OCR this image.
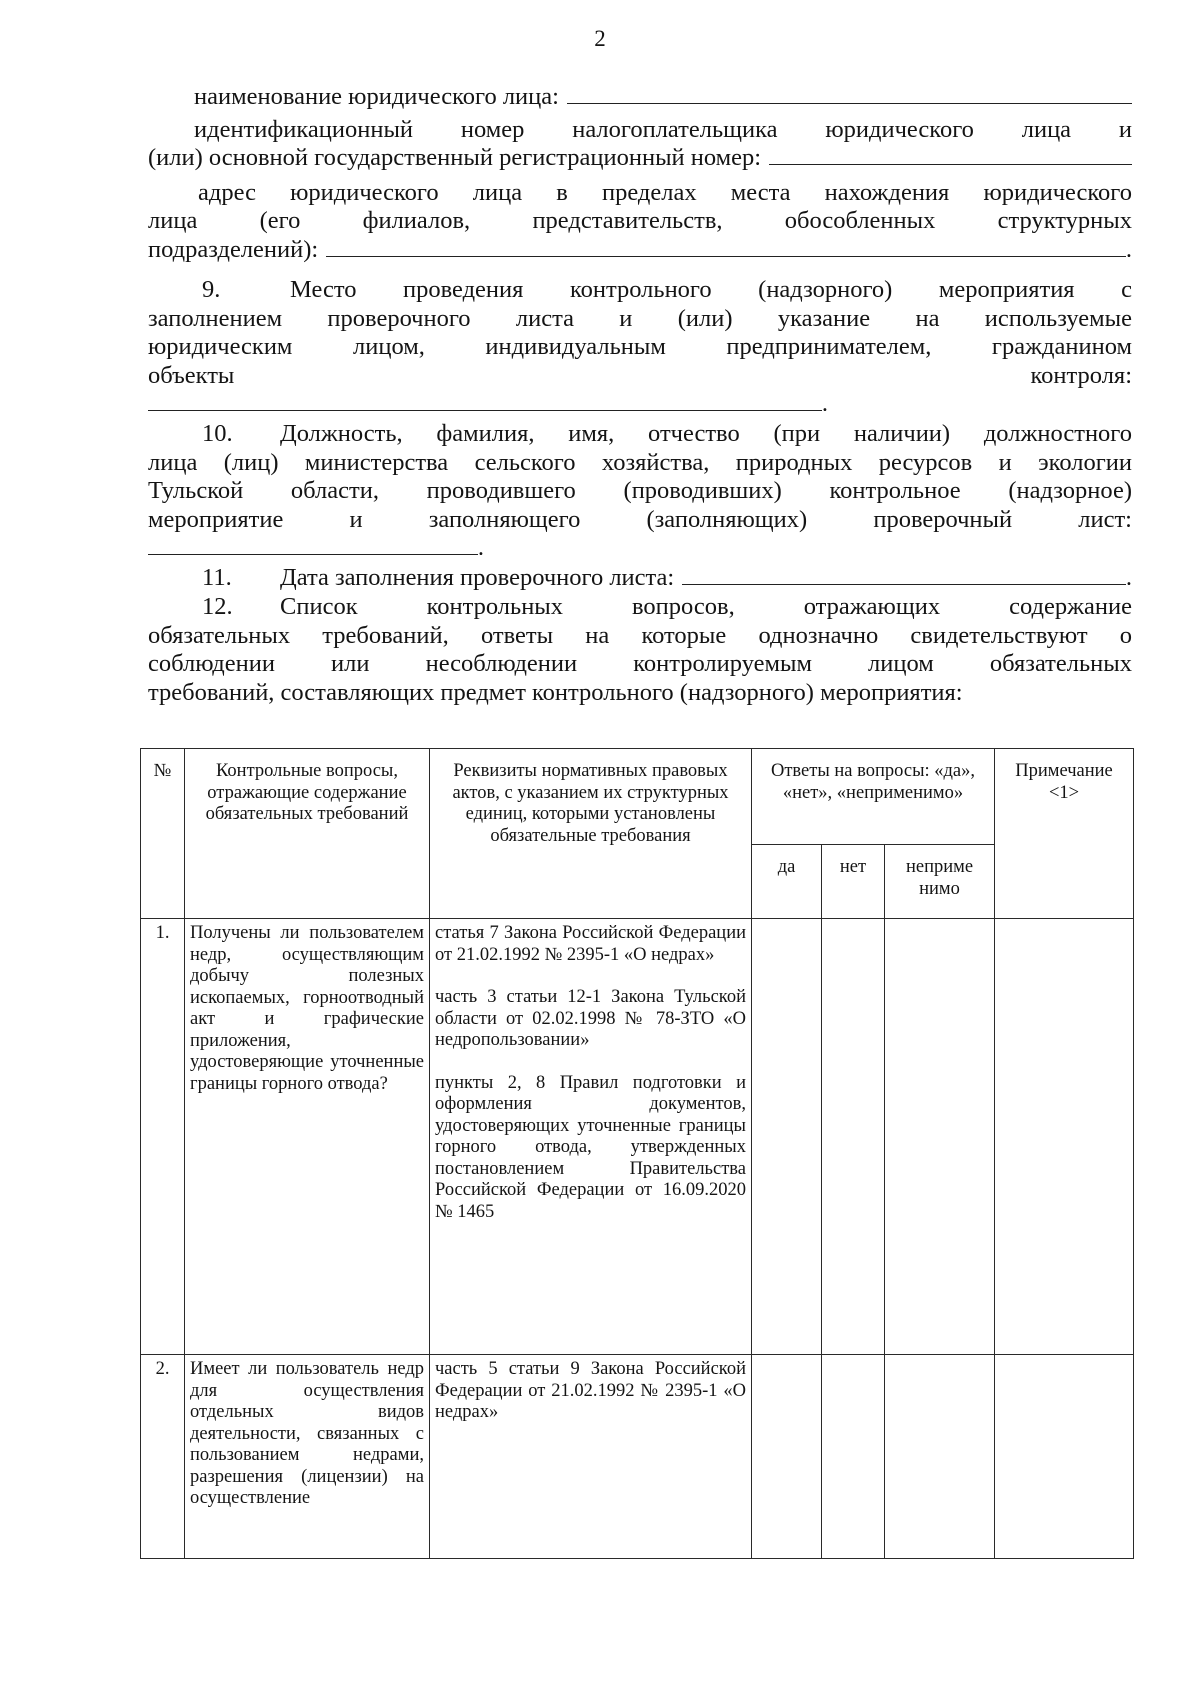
2
наименование юридического лица:

идентификационный номер налогоплательщика юридического лица и

(или) основной государственный регистрационный номер:

адрес юридического лица в пределах места нахождения юридического

лица (его филиалов, представительств, обособленных структурных

подразделений):	.

9.	Место проведения контрольного (надзорного) мероприятия с

заполнением проверочного листа и (или) указание на используемые

юридическим лицом, индивидуальным предпринимателем, гражданином

объекты контроля:

.

10. Должность, фамилия, имя, отчество (при наличии) должностного

лица (лиц) министерства сельского хозяйства, природных ресурсов и экологии

Тульской области, проводившего (проводивших) контрольное (надзорное)

мероприятие и заполняющего (заполняющих) проверочный лист:

.
11.	Дата заполнения проверочного листа:	.

12. Список контрольных вопросов, отражающих содержание

обязательных требований, ответы на которые однозначно свидетельствуют о

соблюдении или несоблюдении контролируемым лицом обязательных

требований, составляющих предмет контрольного (надзорного) мероприятия:

№	Контрольные вопросы, отражающие содержание обязательных требований	Реквизиты нормативных правовых актов, с указанием их структурных единиц, которыми установлены обязательные требования	Ответы на вопросы: «да», «нет», «неприменимо»			Примечание <1>
			да	нет	неприме нимо	
1.	Получены ли пользователем недр, осуществляющим добычу полезных ископаемых, горноотводный акт и графические приложения, удостоверяющие уточненные границы горного отвода?	статья 7 Закона Российской Федерации от 21.02.1992 № 2395-1 «О недрах»
часть 3 статьи 12-1 Закона Тульской области от 02.02.1998 № 78-ЗТО «О недропользовании»
пункты 2, 8 Правил подготовки и оформления документов, удостоверяющих уточненные границы горного отвода, утвержденных постановлением Правительства Российской Федерации от 16.09.2020 № 1465				

2.	Имеет ли пользователь недр для осуществления отдельных видов деятельности, связанных с пользованием недрами, разрешения (лицензии) на осуществление	часть 5 статьи 9 Закона Российской Федерации от 21.02.1992 № 2395-1 «О недрах»				
